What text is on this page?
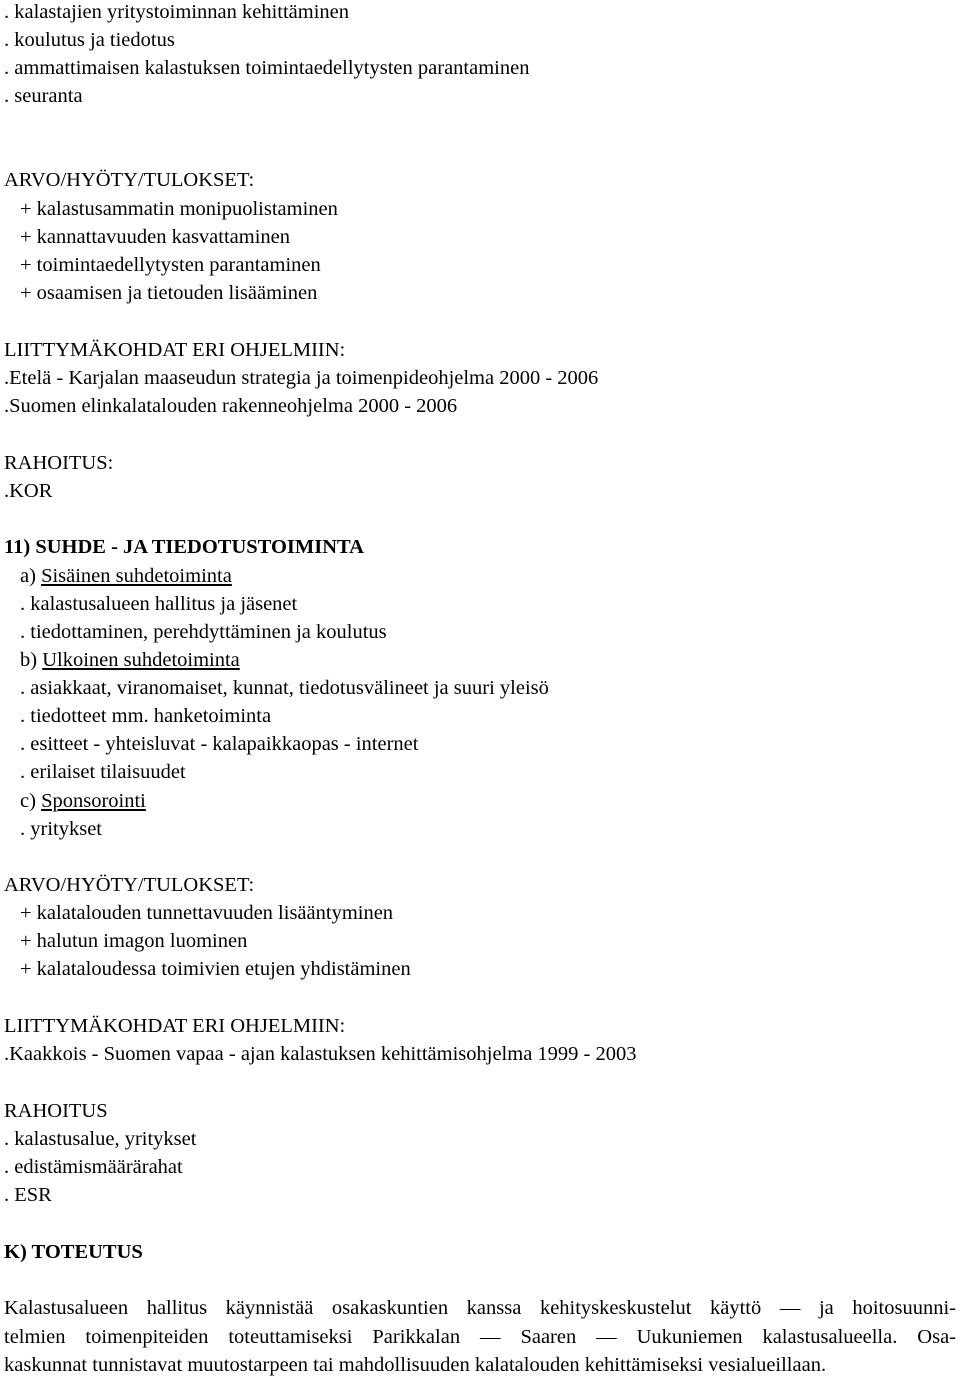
. kalastajien yritystoiminnan kehittäminen
. koulutus ja tiedotus
. ammattimaisen kalastuksen toimintaedellytysten parantaminen
. seuranta
ARVO/HYÖTY/TULOKSET:
+ kalastusammatin monipuolistaminen
+ kannattavuuden kasvattaminen
+ toimintaedellytysten parantaminen
+ osaamisen ja tietouden lisääminen
LIITTYMÄKOHDAT ERI OHJELMIIN:
.Etelä - Karjalan maaseudun strategia ja toimenpideohjelma 2000 - 2006
.Suomen elinkalatalouden rakenneohjelma 2000 - 2006
RAHOITUS:
.KOR
11) SUHDE - JA TIEDOTUSTOIMINTA
a) Sisäinen suhdetoiminta
. kalastusalueen hallitus ja jäsenet
. tiedottaminen, perehdyttäminen ja koulutus
b) Ulkoinen suhdetoiminta
. asiakkaat, viranomaiset, kunnat, tiedotusvälineet ja suuri yleisö
. tiedotteet mm. hanketoiminta
. esitteet - yhteisluvat - kalapaikkaopas - internet
. erilaiset tilaisuudet
c) Sponsorointi
. yritykset
ARVO/HYÖTY/TULOKSET:
+ kalatalouden tunnettavuuden lisääntyminen
+ halutun imagon luominen
+ kalataloudessa toimivien etujen yhdistäminen
LIITTYMÄKOHDAT ERI OHJELMIIN:
.Kaakkois - Suomen vapaa - ajan kalastuksen kehittämisohjelma 1999 - 2003
RAHOITUS
. kalastusalue, yritykset
. edistämismäärärahat
. ESR
K) TOTEUTUS
Kalastusalueen hallitus käynnistää osakaskuntien kanssa kehityskeskustelut käyttö — ja hoitosuunni-
telmien toimenpiteiden toteuttamiseksi Parikkalan — Saaren — Uukuniemen kalastusalueella. Osa-
kaskunnat tunnistavat muutostarpeen tai mahdollisuuden kalatalouden kehittämiseksi vesialueillaan.
